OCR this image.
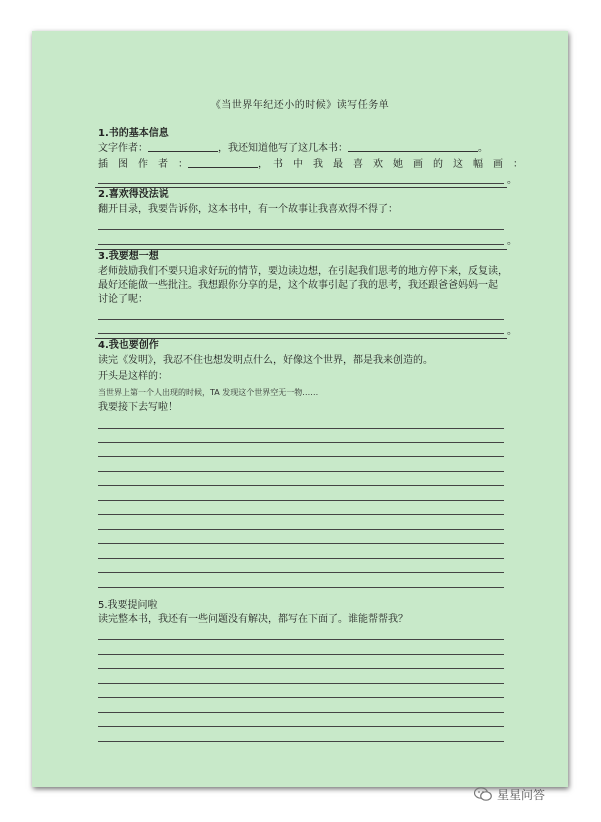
《当世界年纪还小的时候》读写任务单
1.书的基本信息
文字作者：	，我还知道他写了这几本书：	。
插　图　作　者　：	，　书　中　我　最　喜　欢　她　画　的　这　幅　画　：
。
2.喜欢得没法说
翻开目录，我要告诉你，这本书中，有一个故事让我喜欢得不得了：
。
3.我要想一想
老师鼓励我们不要只追求好玩的情节，要边读边想，在引起我们思考的地方停下来，反复读，
最好还能做一些批注。我想跟你分享的是，这个故事引起了我的思考，我还跟爸爸妈妈一起
讨论了呢：
。
4.我也要创作
读完《发明》，我忍不住也想发明点什么，好像这个世界，都是我来创造的。
开头是这样的：
当世界上第一个人出现的时候，TA 发现这个世界空无一物……
我要接下去写啦！
5.我要提问啦
读完整本书，我还有一些问题没有解决，都写在下面了。谁能帮帮我？
星星问答
